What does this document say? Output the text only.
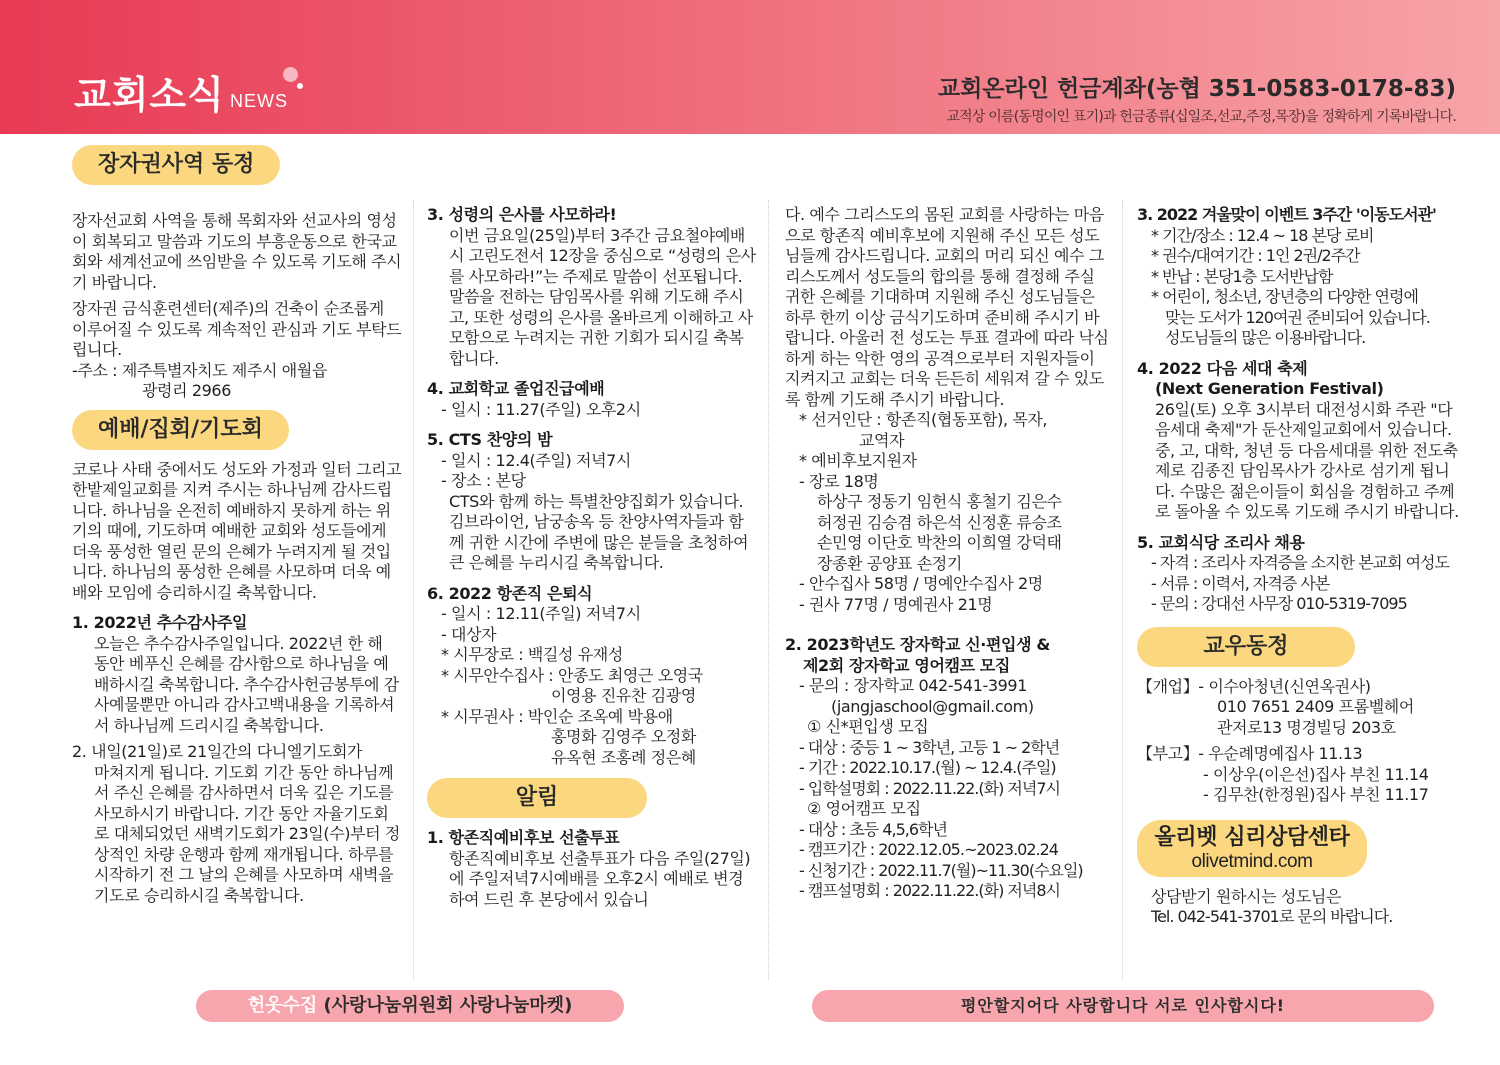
교회소식 NEWS	교회온라인 헌금계좌(농협 351-0583-0178-83)
교적상 이름(동명이인 표기)과 헌금종류(십일조,선교,주정,목장)을 정확하게 기록바랍니다.
장자권사역 동정

장자선교회 사역을 통해 목회자와 선교사의 영성이 회복되고 말씀과 기도의 부흥운동으로 한국교회와 세계선교에 쓰임받을 수 있도록 기도해 주시기 바랍니다.

장자권 금식훈련센터(제주)의 건축이 순조롭게 이루어질 수 있도록 계속적인 관심과 기도 부탁드립니다.

-주소 : 제주특별자치도 제주시 애월읍

광령리 2966

예배/집회/기도회

코로나 사태 중에서도 성도와 가정과 일터 그리고 한밭제일교회를 지켜 주시는 하나님께 감사드립니다. 하나님을 온전히 예배하지 못하게 하는 위기의 때에, 기도하며 예배한 교회와 성도들에게 더욱 풍성한 열린 문의 은혜가 누려지게 될 것입니다. 하나님의 풍성한 은혜를 사모하며 더욱 예배와 모임에 승리하시길 축복합니다.

1. 2022년 추수감사주일

오늘은 추수감사주일입니다. 2022년 한 해 동안 베푸신 은혜를 감사함으로 하나님을 예배하시길 축복합니다. 추수감사헌금봉투에 감사예물뿐만 아니라 감사고백내용을 기록하셔서 하나님께 드리시길 축복합니다.

2. 내일(21일)로 21일간의 다니엘기도회가

마쳐지게 됩니다. 기도회 기간 동안 하나님께서 주신 은혜를 감사하면서 더욱 깊은 기도를 사모하시기 바랍니다. 기간 동안 자율기도회로 대체되었던 새벽기도회가 23일(수)부터 정상적인 차량 운행과 함께 재개됩니다. 하루를 시작하기 전 그 날의 은혜를 사모하며 새벽을 기도로 승리하시길 축복합니다.

3. 성령의 은사를 사모하라!

이번 금요일(25일)부터 3주간 금요철야예배시 고린도전서 12장을 중심으로 “성령의 은사를 사모하라!”는 주제로 말씀이 선포됩니다. 말씀을 전하는 담임목사를 위해 기도해 주시고, 또한 성령의 은사를 올바르게 이해하고 사모함으로 누려지는 귀한 기회가 되시길 축복합니다.

4. 교회학교 졸업진급예배

- 일시 : 11.27(주일) 오후2시

5. CTS 찬양의 밤

- 일시 : 12.4(주일) 저녁7시

- 장소 : 본당

CTS와 함께 하는 특별찬양집회가 있습니다. 김브라이언, 남궁송옥 등 찬양사역자들과 함께 귀한 시간에 주변에 많은 분들을 초청하여 큰 은혜를 누리시길 축복합니다.

6. 2022 항존직 은퇴식

- 일시 : 12.11(주일) 저녁7시

- 대상자

* 시무장로 : 백길성 유재성

* 시무안수집사 : 안종도 최영근 오영국

이영용 진유찬 김광영

* 시무권사 : 박인순 조옥예 박용애

홍명화 김영주 오정화

유옥현 조홍례 정은혜

알림

1. 항존직예비후보 선출투표

항존직예비후보 선출투표가 다음 주일(27일)에 주일저녁7시예배를 오후2시 예배로 변경하여 드린 후 본당에서 있습니

다. 예수 그리스도의 몸된 교회를 사랑하는 마음으로 항존직 예비후보에 지원해 주신 모든 성도님들께 감사드립니다. 교회의 머리 되신 예수 그리스도께서 성도들의 합의를 통해 결정해 주실 귀한 은혜를 기대하며 지원해 주신 성도님들은 하루 한끼 이상 금식기도하며 준비해 주시기 바랍니다. 아울러 전 성도는 투표 결과에 따라 낙심하게 하는 악한 영의 공격으로부터 지원자들이 지켜지고 교회는 더욱 든든히 세워져 갈 수 있도록 함께 기도해 주시기 바랍니다.

* 선거인단 : 항존직(협동포함), 목자,

교역자

* 예비후보지원자

- 장로 18명

하상구 정동기 임헌식 홍철기 김은수

허정권 김승겸 하은석 신정훈 류승조

손민영 이단호 박찬의 이희열 강덕태

장종환 공양표 손정기

- 안수집사 58명 / 명예안수집사 2명

- 권사 77명 / 명예권사 21명

2. 2023학년도 장자학교 신·편입생 &

제2회 장자학교 영어캠프 모집

- 문의 : 장자학교 042-541-3991

(jangjaschool@gmail.com)

① 신*편입생 모집

- 대상 : 중등 1 ~ 3학년, 고등 1 ~ 2학년

- 기간 : 2022.10.17.(월) ~ 12.4.(주일)

- 입학설명회 : 2022.11.22.(화) 저녁7시

② 영어캠프 모집

- 대상 : 초등 4,5,6학년

- 캠프기간 : 2022.12.05.~2023.02.24

- 신청기간 : 2022.11.7(월)~11.30(수요일)

- 캠프설명회 : 2022.11.22.(화) 저녁8시

3. 2022 겨울맞이 이벤트 3주간 '이동도서관'

* 기간/장소 : 12.4 ~ 18 본당 로비

* 권수/대여기간 : 1인 2권/2주간

* 반납 : 본당1층 도서반납함

* 어린이, 청소년, 장년층의 다양한 연령에

맞는 도서가 120여권 준비되어 있습니다.

성도님들의 많은 이용바랍니다.

4. 2022 다음 세대 축제

(Next Generation Festival)

26일(토) 오후 3시부터 대전성시화 주관 "다음세대 축제"가 둔산제일교회에서 있습니다. 중, 고, 대학, 청년 등 다음세대를 위한 전도축제로 김종진 담임목사가 강사로 섬기게 됩니다. 수많은 젊은이들이 회심을 경험하고 주께로 돌아올 수 있도록 기도해 주시기 바랍니다.

5. 교회식당 조리사 채용

- 자격 : 조리사 자격증을 소지한 본교회 여성도

- 서류 : 이력서, 자격증 사본

- 문의 : 강대선 사무장 010-5319-7095

교우동정

【개업】- 이수아청년(신연옥권사)

010 7651 2409 프롬벨헤어

관저로13 명경빌딩 203호

【부고】- 우순례명예집사 11.13

- 이상우(이은선)집사 부친 11.14

- 김무찬(한정원)집사 부친 11.17

올리벳 심리상담센타
olivetmind.com

상담받기 원하시는 성도님은

Tel. 042-541-3701로 문의 바랍니다.

헌옷수집 (사랑나눔위원회 사랑나눔마켓)	평안할지어다 사랑합니다 서로 인사합시다!
